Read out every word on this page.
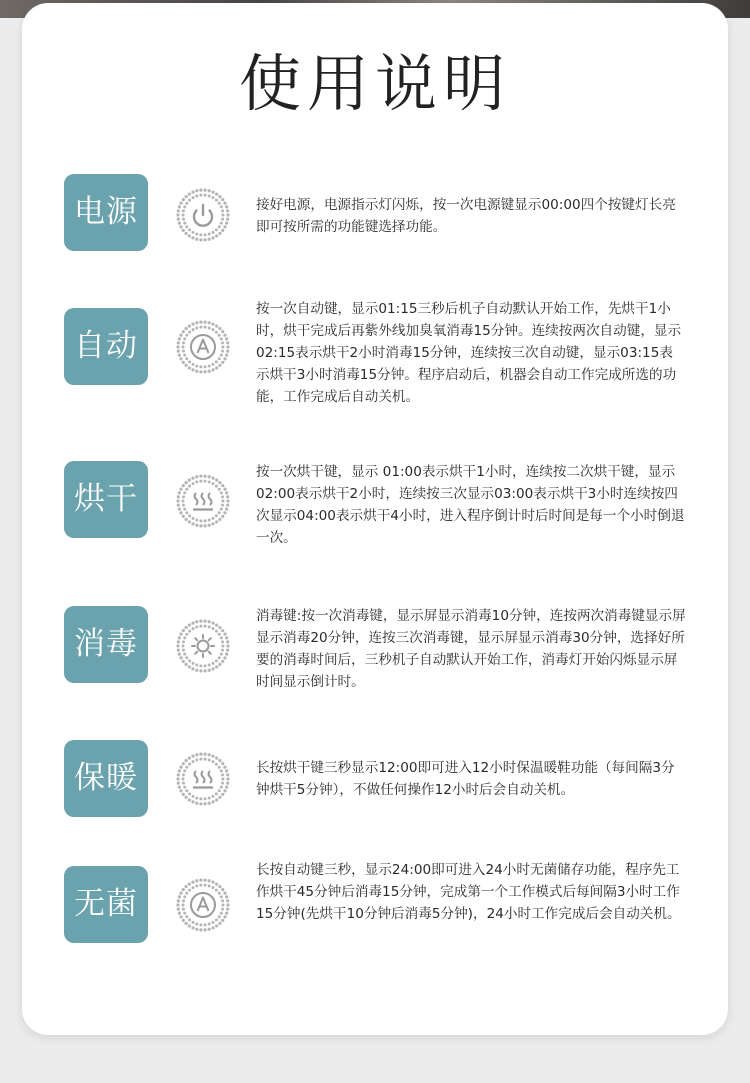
使用说明
电源	接好电源，电源指示灯闪烁，按一次电源键显示00:00四个按键灯长亮即可按所需的功能键选择功能。

自动

按一次自动键，显示01:15三秒后机子自动默认开始工作，先烘干1小时，烘干完成后再紫外线加臭氧消毒15分钟。连续按两次自动键，显示02:15表示烘干2小时消毒15分钟，连续按三次自动键，显示03:15表示烘干3小时消毒15分钟。程序启动后，机器会自动工作完成所选的功能，工作完成后自动关机。

烘干

按一次烘干键，显示 01:00表示烘干1小时，连续按二次烘干键，显示02:00表示烘干2小时，连续按三次显示03:00表示烘干3小时连续按四次显示04:00表示烘干4小时，进入程序倒计时后时间是每一个小时倒退一次。

消毒

消毒键:按一次消毒键，显示屏显示消毒10分钟，连按两次消毒键显示屏显示消毒20分钟，连按三次消毒键，显示屏显示消毒30分钟，选择好所要的消毒时间后，三秒机子自动默认开始工作，消毒灯开始闪烁显示屏时间显示倒计时。

保暖	长按烘干键三秒显示12:00即可进入12小时保温暖鞋功能（每间隔3分钟烘干5分钟），不做任何操作12小时后会自动关机。

无菌

长按自动键三秒，显示24:00即可进入24小时无菌储存功能，程序先工作烘干45分钟后消毒15分钟，完成第一个工作模式后每间隔3小时工作15分钟(先烘干10分钟后消毒5分钟)，24小时工作完成后会自动关机。
